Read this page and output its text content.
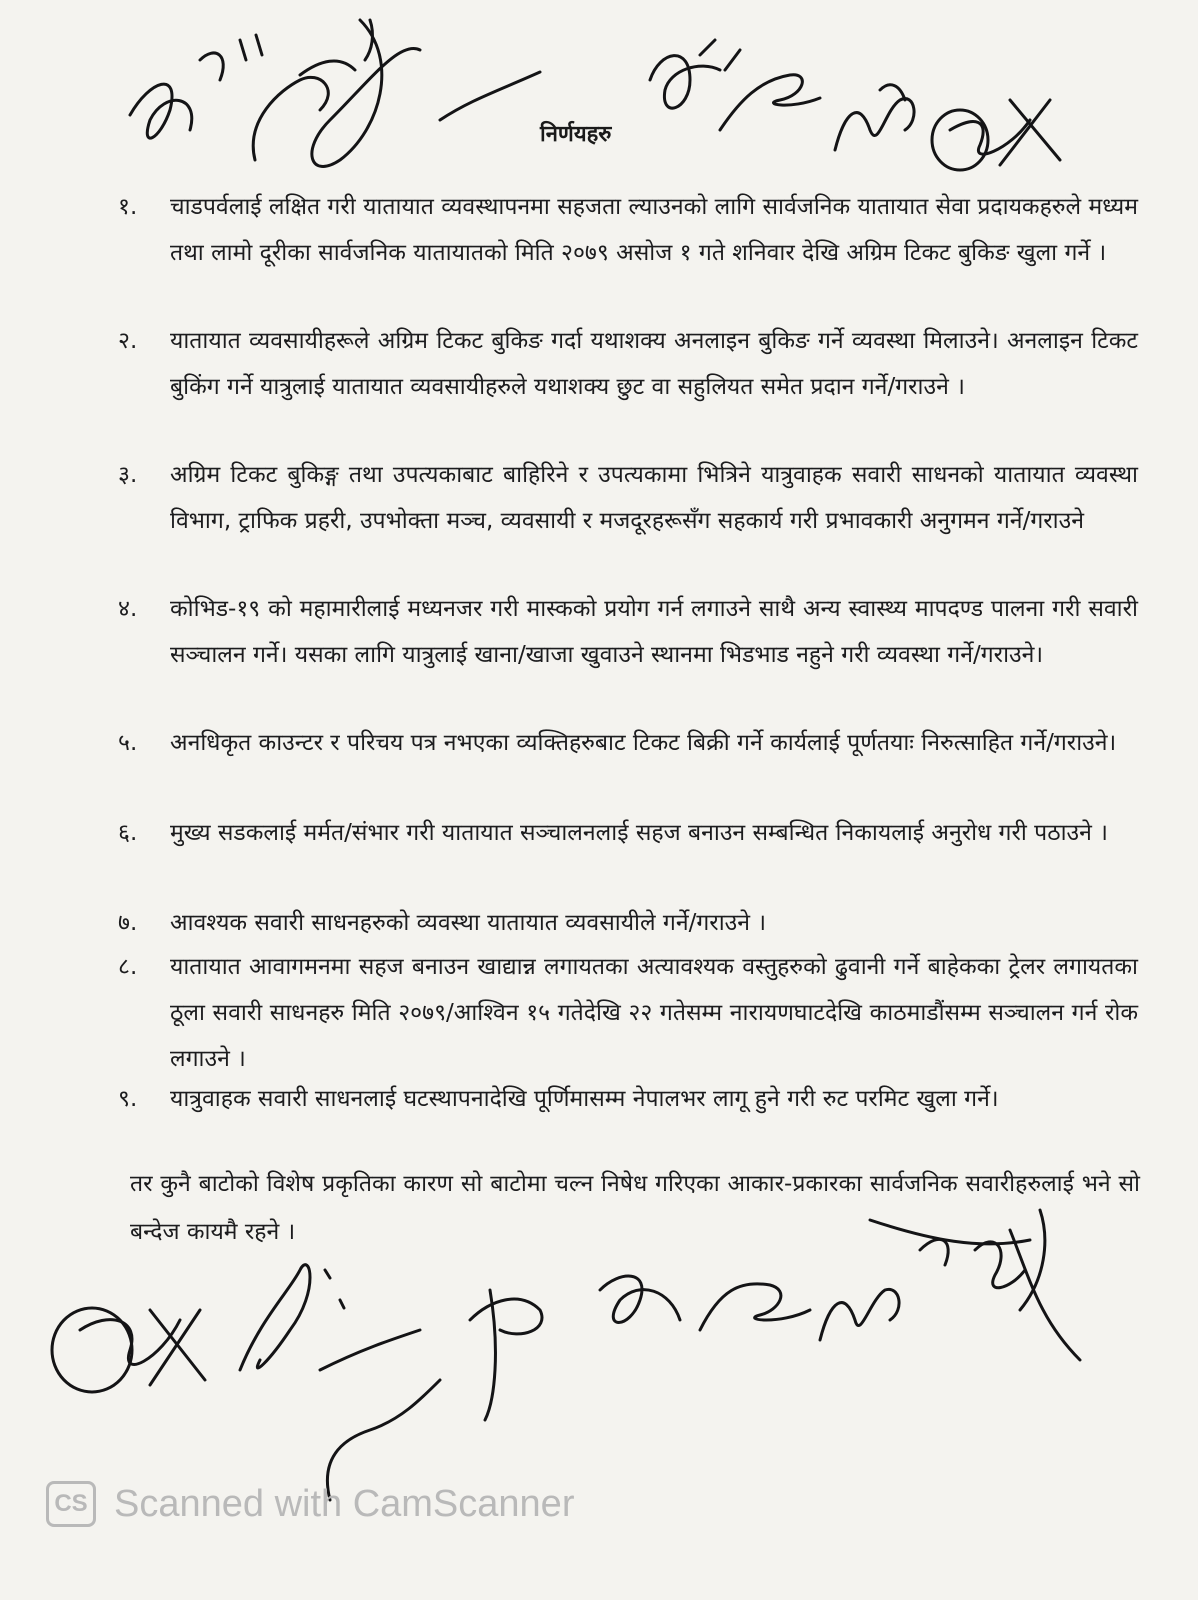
निर्णयहरु
१.	चाडपर्वलाई लक्षित गरी यातायात व्यवस्थापनमा सहजता ल्याउनको लागि सार्वजनिक यातायात सेवा प्रदायकहरुले मध्यम तथा लामो दूरीका सार्वजनिक यातायातको मिति २०७९ असोज १ गते शनिवार देखि अग्रिम टिकट बुकिङ खुला गर्ने ।
२.	यातायात व्यवसायीहरूले अग्रिम टिकट बुकिङ गर्दा यथाशक्य अनलाइन बुकिङ गर्ने व्यवस्था मिलाउने। अनलाइन टिकट बुकिंग गर्ने यात्रुलाई यातायात व्यवसायीहरुले यथाशक्य छुट वा सहुलियत समेत प्रदान गर्ने/गराउने ।
३.	अग्रिम टिकट बुकिङ्ग तथा उपत्यकाबाट बाहिरिने र उपत्यकामा भित्रिने यात्रुवाहक सवारी साधनको यातायात व्यवस्था विभाग, ट्राफिक प्रहरी, उपभोक्ता मञ्च, व्यवसायी र मजदूरहरूसँग सहकार्य गरी प्रभावकारी अनुगमन गर्ने/गराउने
४.	कोभिड-१९ को महामारीलाई मध्यनजर गरी मास्कको प्रयोग गर्न लगाउने साथै अन्य स्वास्थ्य मापदण्ड पालना गरी सवारी सञ्चालन गर्ने। यसका लागि यात्रुलाई खाना/खाजा खुवाउने स्थानमा भिडभाड नहुने गरी व्यवस्था गर्ने/गराउने।
५.	अनधिकृत काउन्टर र परिचय पत्र नभएका व्यक्तिहरुबाट टिकट बिक्री गर्ने कार्यलाई पूर्णतयाः निरुत्साहित गर्ने/गराउने।
६.	मुख्य सडकलाई मर्मत/संभार गरी यातायात सञ्चालनलाई सहज बनाउन सम्बन्धित निकायलाई अनुरोध गरी पठाउने ।
७.	आवश्यक सवारी साधनहरुको व्यवस्था यातायात व्यवसायीले गर्ने/गराउने ।
८.	यातायात आवागमनमा सहज बनाउन खाद्यान्न लगायतका अत्यावश्यक वस्तुहरुको ढुवानी गर्ने बाहेकका ट्रेलर लगायतका ठूला सवारी साधनहरु मिति २०७९/आश्विन १५ गतेदेखि २२ गतेसम्म नारायणघाटदेखि काठमाडौंसम्म सञ्चालन गर्न रोक लगाउने ।
९.	यात्रुवाहक सवारी साधनलाई घटस्थापनादेखि पूर्णिमासम्म नेपालभर लागू हुने गरी रुट परमिट खुला गर्ने।
तर कुनै बाटोको विशेष प्रकृतिका कारण सो बाटोमा चल्न निषेध गरिएका आकार-प्रकारका सार्वजनिक सवारीहरुलाई भने सो बन्देज कायमै रहने ।
CS Scanned with CamScanner
